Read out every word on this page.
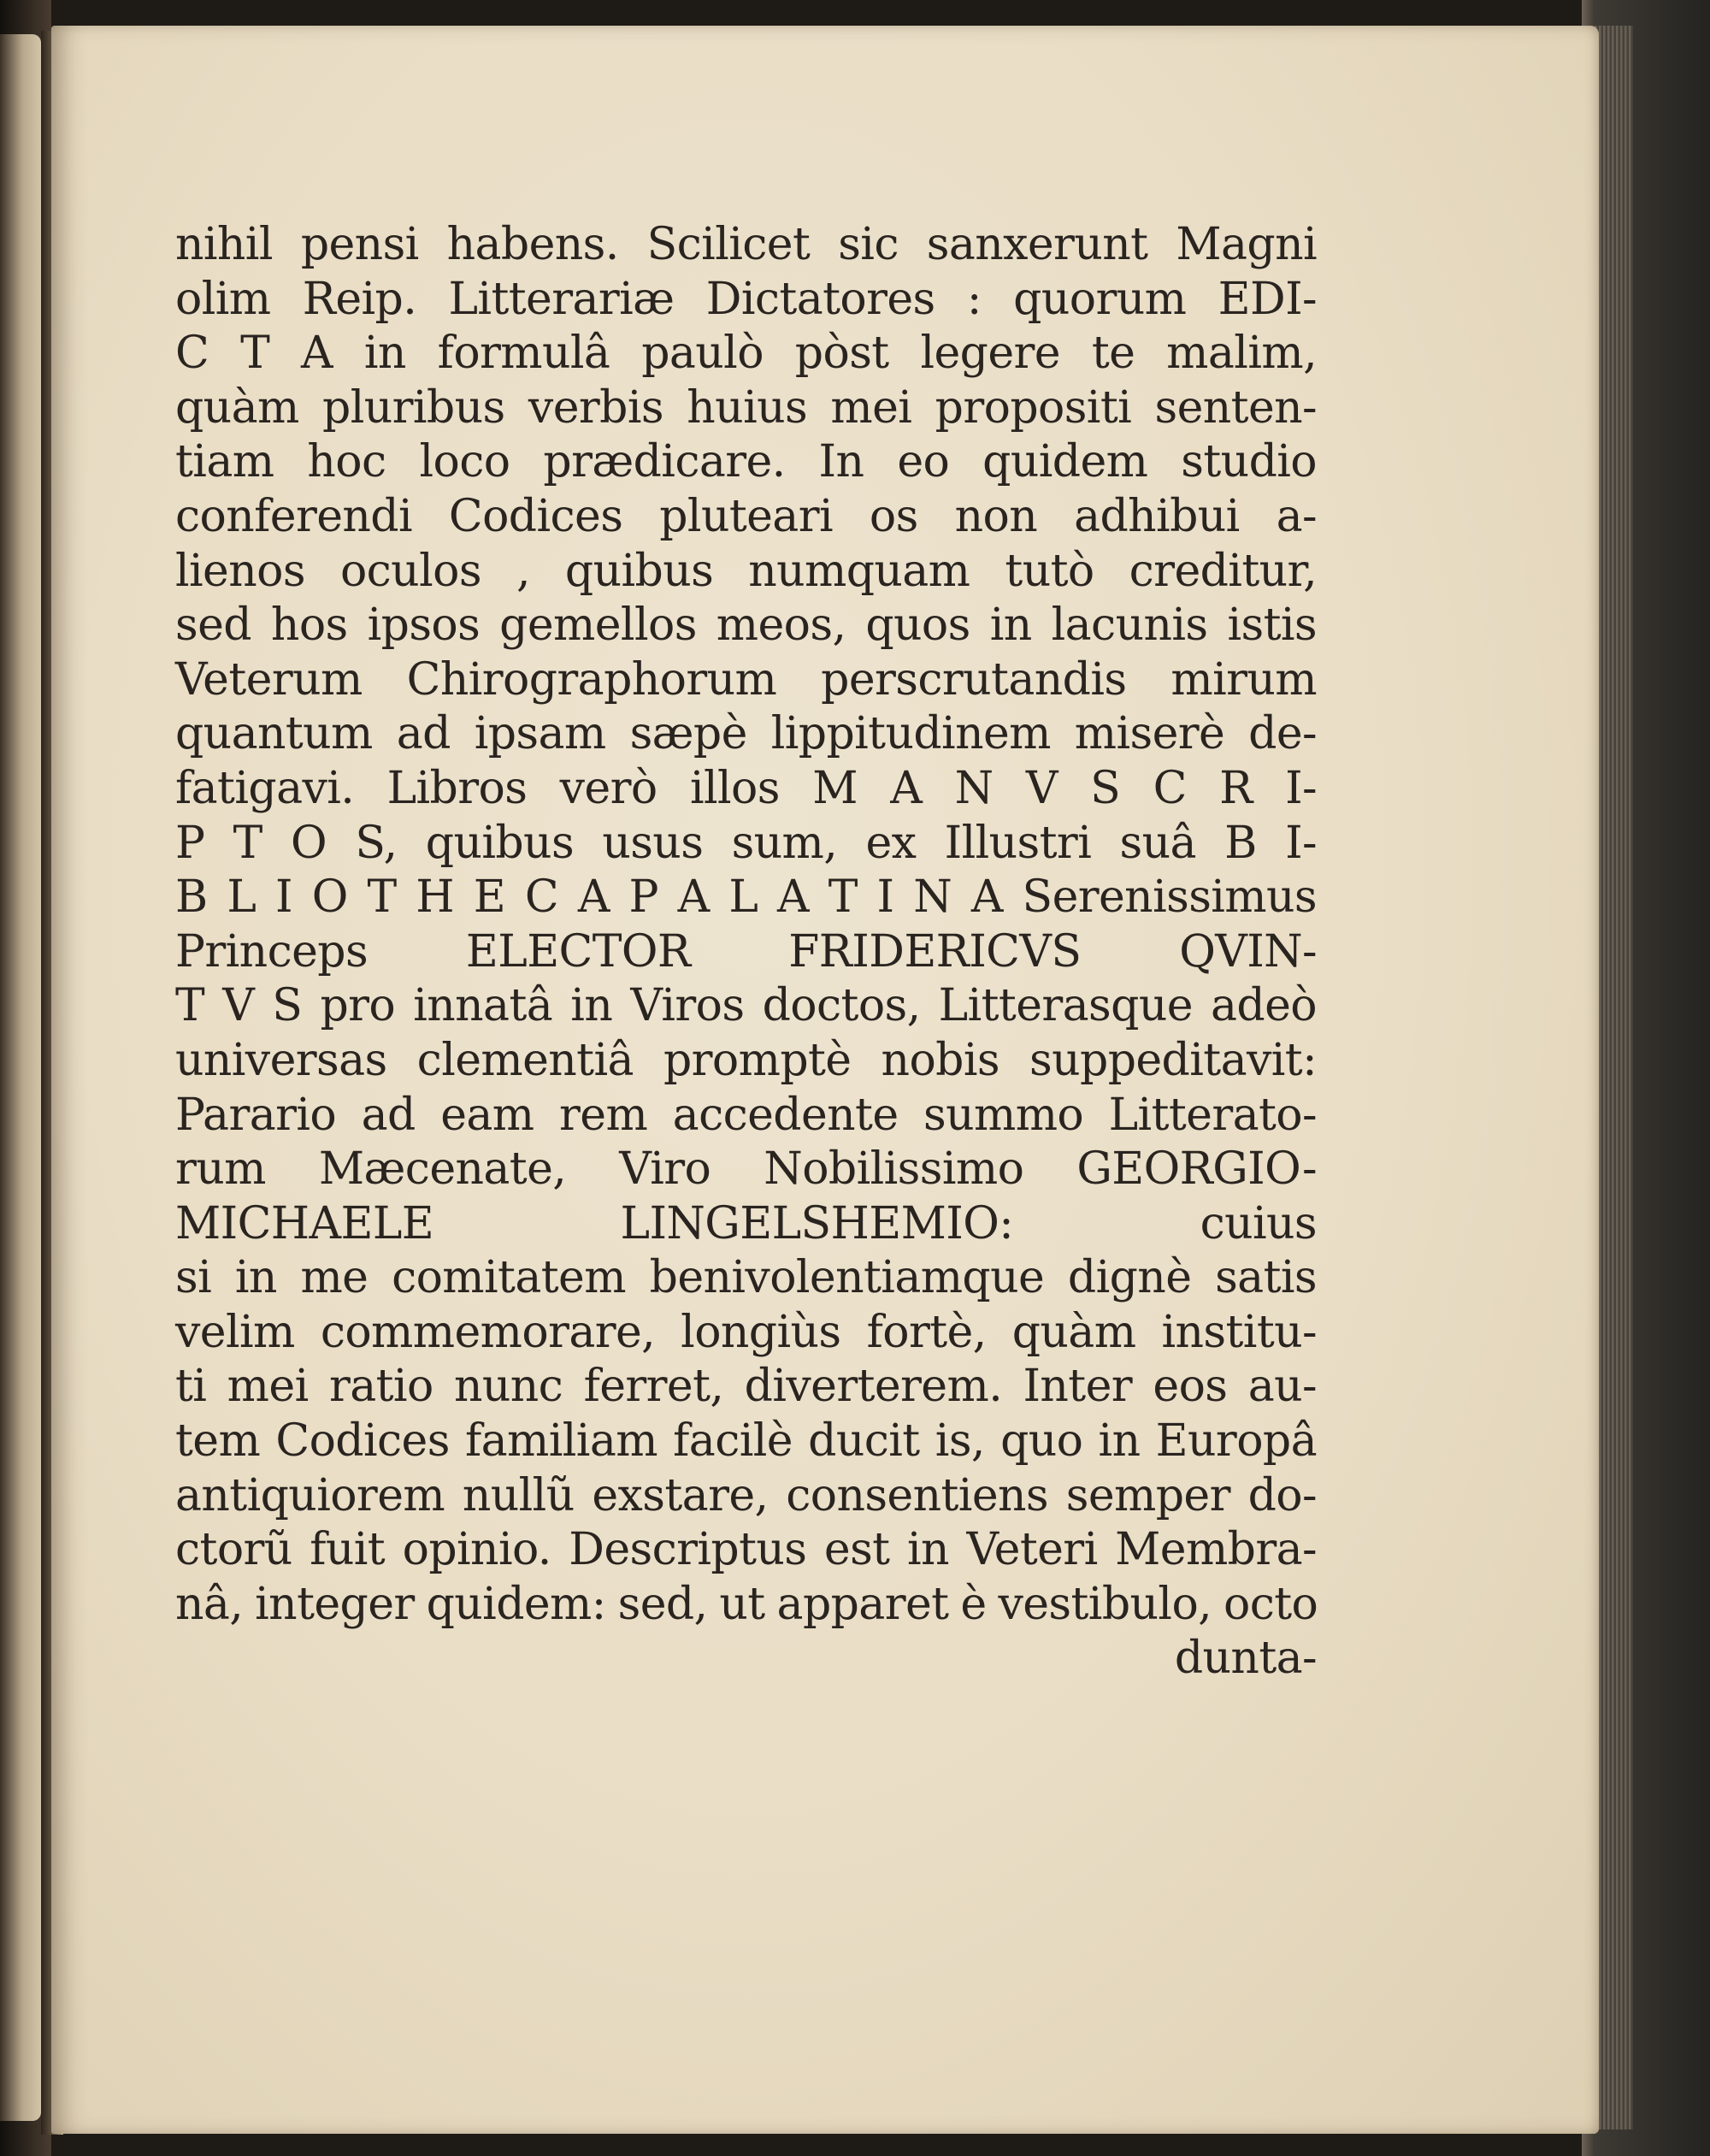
nihil pensi habens. Scilicet sic sanxerunt Magni
olim Reip. Litterariæ Dictatores : quorum EDI-
C T A in formulâ paulò pòst legere te malim,
quàm pluribus verbis huius mei propositi senten-
tiam hoc loco prædicare. In eo quidem studio
conferendi Codices pluteari os non adhibui a-
lienos oculos , quibus numquam tutò creditur,
sed hos ipsos gemellos meos, quos in lacunis istis
Veterum Chirographorum perscrutandis mirum
quantum ad ipsam sæpè lippitudinem miserè de-
fatigavi. Libros verò illos M A N V S C R I-
P T O S, quibus usus sum, ex Illustri suâ B I-
B L I O T H E C A P A L A T I N A Serenissimus
Princeps ELECTOR FRIDERICVS QVIN-
T V S pro innatâ in Viros doctos, Litterasque adeò
universas clementiâ promptè nobis suppeditavit:
Parario ad eam rem accedente summo Litterato-
rum Mæcenate, Viro Nobilissimo GEORGIO-
MICHAELE LINGELSHEMIO: cuius
si in me comitatem benivolentiamque dignè satis
velim commemorare, longiùs fortè, quàm institu-
ti mei ratio nunc ferret, diverterem. Inter eos au-
tem Codices familiam facilè ducit is, quo in Europâ
antiquiorem nullũ exstare, consentiens semper do-
ctorũ fuit opinio. Descriptus est in Veteri Membra-
nâ, integer quidem: sed, ut apparet è vestibulo, octo
dunta-
